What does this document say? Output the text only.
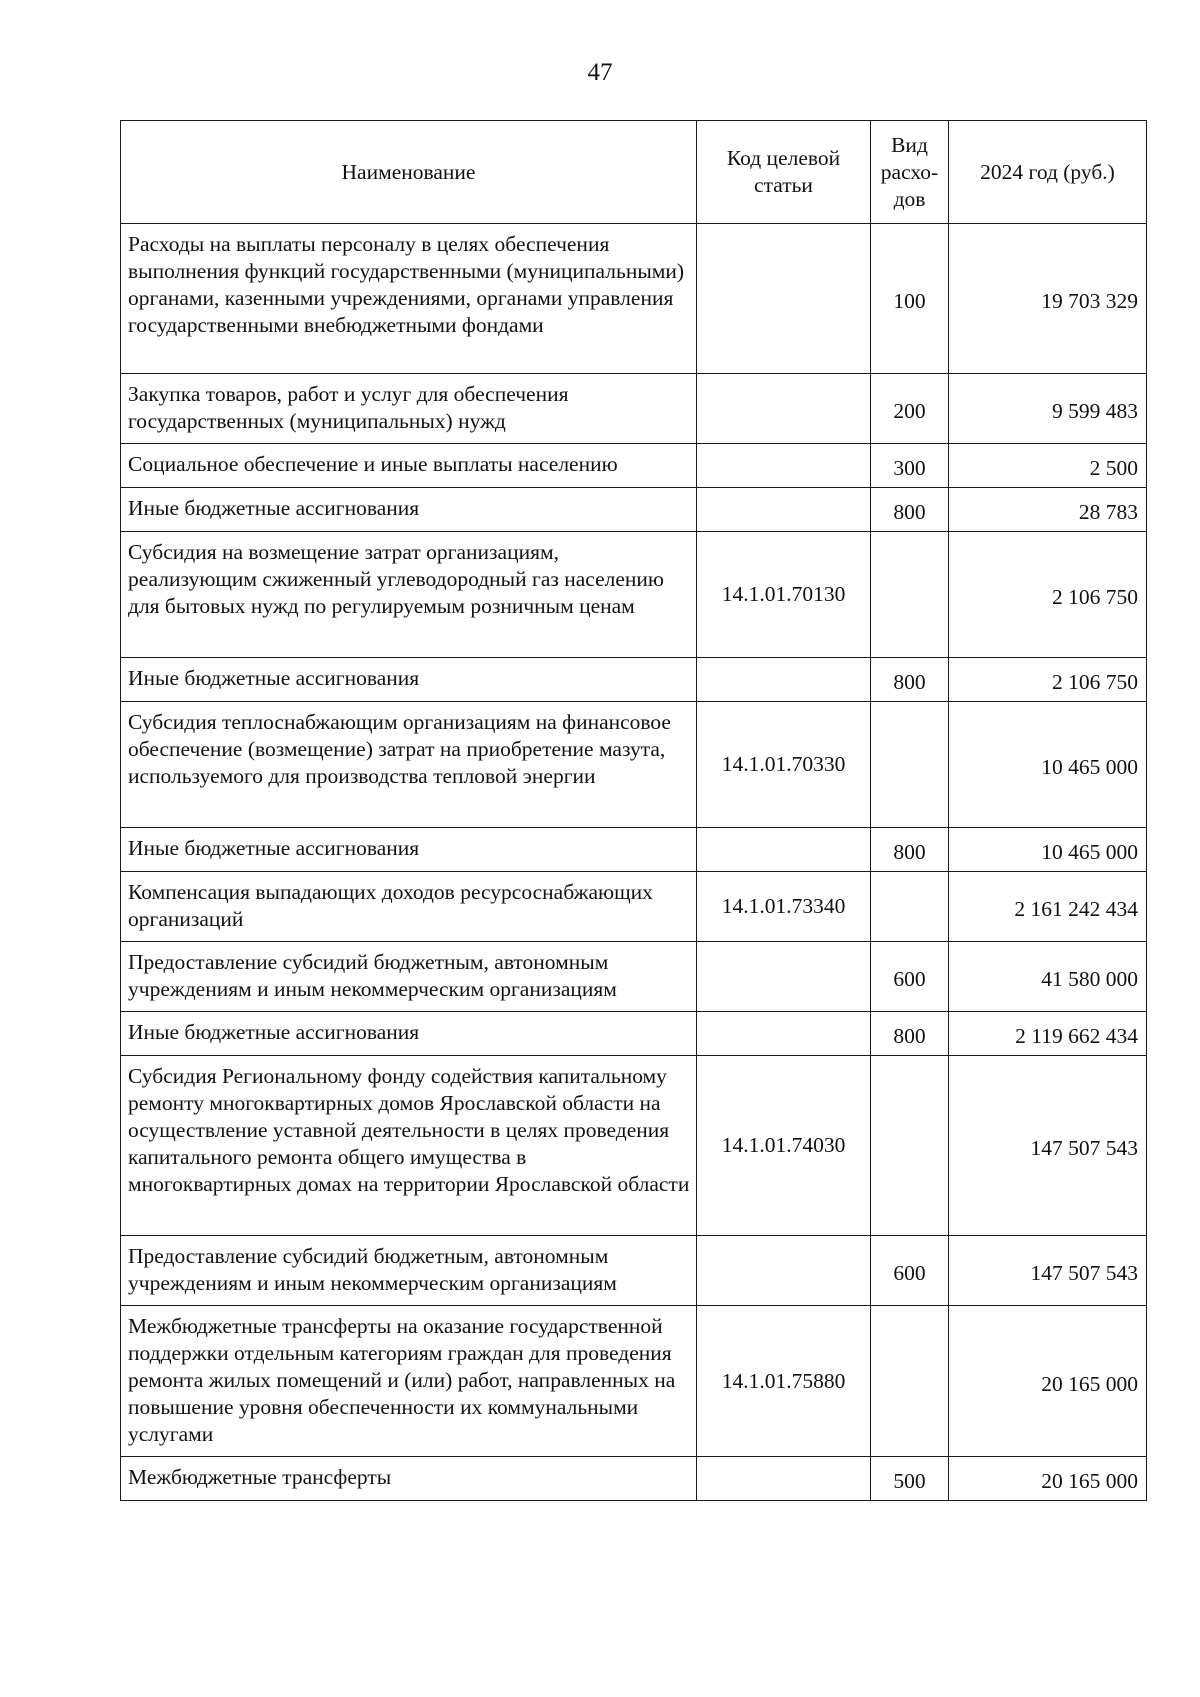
47
Наименование	Код целевой статьи	Вид расхо-дов	2024 год (руб.)
Расходы на выплаты персоналу в целях обеспечения выполнения функций государственными (муниципальными) органами, казенными учреждениями, органами управления государственными внебюджетными фондами		100	19 703 329
Закупка товаров, работ и услуг для обеспечения государственных (муниципальных) нужд		200	9 599 483
Социальное обеспечение и иные выплаты населению		300	2 500
Иные бюджетные ассигнования		800	28 783
Субсидия на возмещение затрат организациям, реализующим сжиженный углеводородный газ населению для бытовых нужд по регулируемым розничным ценам	14.1.01.70130		2 106 750
Иные бюджетные ассигнования		800	2 106 750
Субсидия теплоснабжающим организациям на финансовое обеспечение (возмещение) затрат на приобретение мазута, используемого для производства тепловой энергии	14.1.01.70330		10 465 000
Иные бюджетные ассигнования		800	10 465 000
Компенсация выпадающих доходов ресурсоснабжающих организаций	14.1.01.73340		2 161 242 434
Предоставление субсидий бюджетным, автономным учреждениям и иным некоммерческим организациям		600	41 580 000
Иные бюджетные ассигнования		800	2 119 662 434
Субсидия Региональному фонду содействия капитальному ремонту многоквартирных домов Ярославской области на осуществление уставной деятельности в целях проведения капитального ремонта общего имущества в многоквартирных домах на территории Ярославской области	14.1.01.74030		147 507 543
Предоставление субсидий бюджетным, автономным учреждениям и иным некоммерческим организациям		600	147 507 543
Межбюджетные трансферты на оказание государственной поддержки отдельным категориям граждан для проведения ремонта жилых помещений и (или) работ, направленных на повышение уровня обеспеченности их коммунальными услугами	14.1.01.75880		20 165 000
Межбюджетные трансферты		500	20 165 000
